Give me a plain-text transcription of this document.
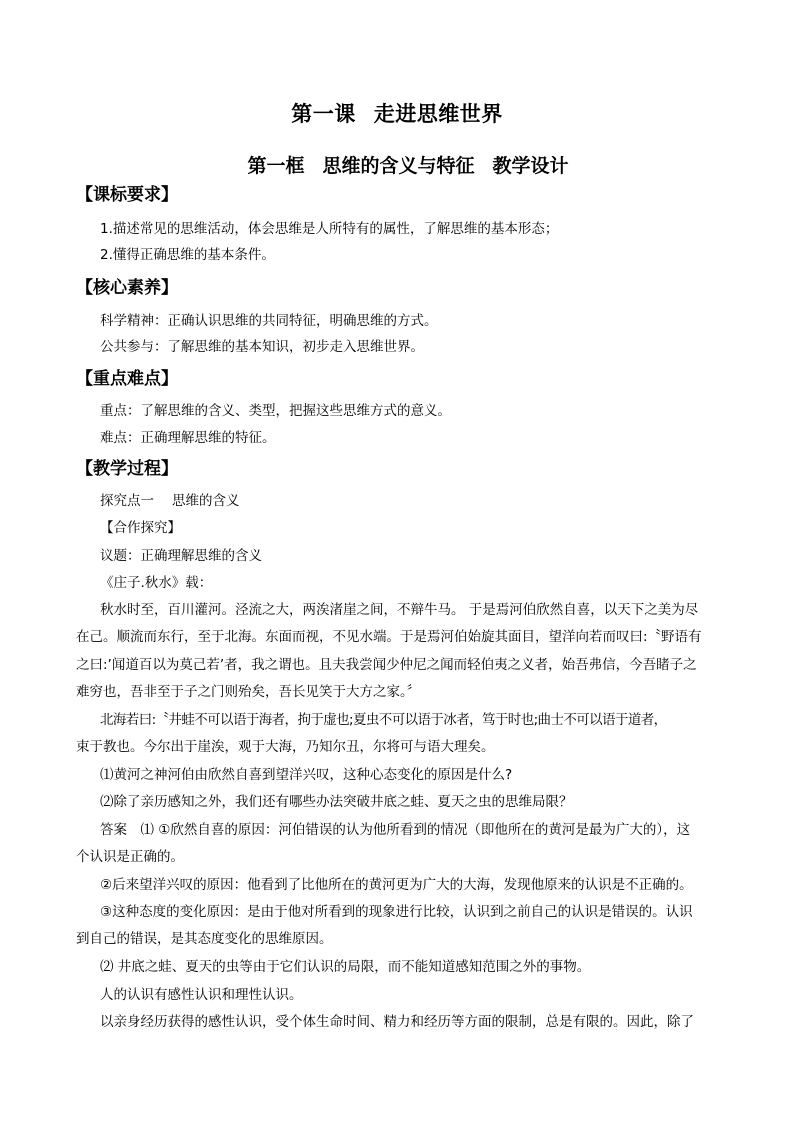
第一课 走进思维世界
第一框 思维的含义与特征 教学设计
【课标要求】
1.描述常见的思维活动，体会思维是人所特有的属性，了解思维的基本形态；
2.懂得正确思维的基本条件。
【核心素养】
科学精神：正确认识思维的共同特征，明确思维的方式。
公共参与：了解思维的基本知识，初步走入思维世界。
【重点难点】
重点：了解思维的含义、类型，把握这些思维方式的意义。
难点：正确理解思维的特征。
【教学过程】
探究点一 思维的含义
【合作探究】
议题：正确理解思维的含义
《庄子.秋水》载：
秋水时至，百川灌河。泾流之大，两涘渚崖之间，不辩牛马。 于是焉河伯欣然自喜，以天下之美为尽
在己。顺流而东行，至于北海。东面而视，不见水端。于是焉河伯始旋其面目，望洋向若而叹曰:〝野语有
之曰:’闻道百以为莫己若’者，我之谓也。且夫我尝闻少仲尼之闻而轻伯夷之义者，始吾弗信，今吾睹子之
难穷也，吾非至于子之门则殆矣，吾长见笑于大方之家。〞
北海若曰:〝井蛙不可以语于海者，拘于虚也;夏虫不可以语于冰者，笃于时也;曲士不可以语于道者，
束于教也。今尔出于崖涘，观于大海，乃知尔丑，尔将可与语大理矣。
⑴黄河之神河伯由欣然自喜到望洋兴叹，这种心态变化的原因是什么?
⑵除了亲历感知之外，我们还有哪些办法突破井底之蛙、夏天之虫的思维局限？
答案　⑴ ①欣然自喜的原因：河伯错误的认为他所看到的情况（即他所在的黄河是最为广大的），这
个认识是正确的。
②后来望洋兴叹的原因：他看到了比他所在的黄河更为广大的大海，发现他原来的认识是不正确的。
③这种态度的变化原因：是由于他对所看到的现象进行比较，认识到之前自己的认识是错误的。认识
到自己的错误，是其态度变化的思维原因。
⑵ 井底之蛙、夏天的虫等由于它们认识的局限，而不能知道感知范围之外的事物。
人的认识有感性认识和理性认识。
以亲身经历获得的感性认识，受个体生命时间、精力和经历等方面的限制，总是有限的。因此，除了
